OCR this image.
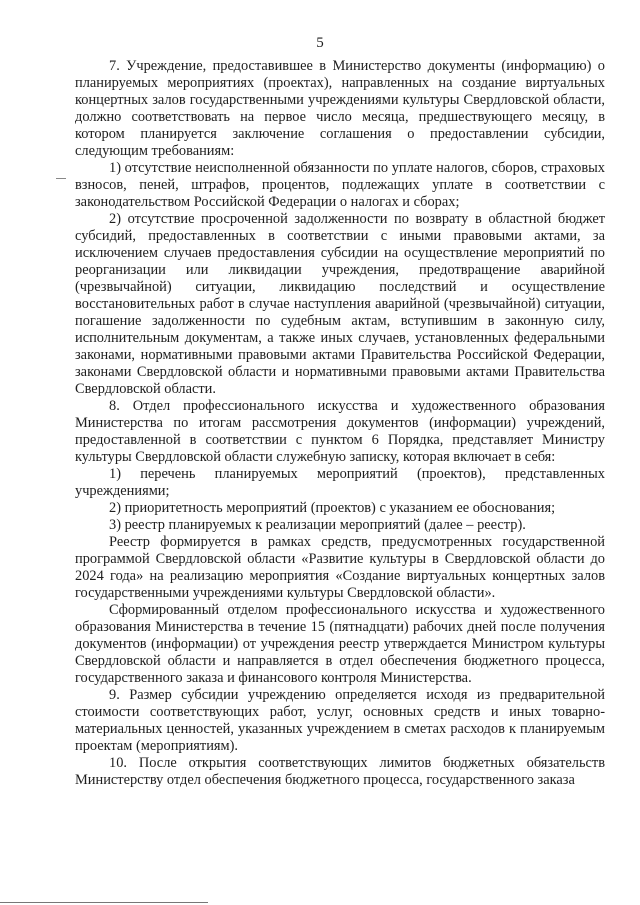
5

7. Учреждение, предоставившее в Министерство документы (информацию) о планируемых мероприятиях (проектах), направленных на создание виртуальных концертных залов государственными учреждениями культуры Свердловской области, должно соответствовать на первое число месяца, предшествующего месяцу, в котором планируется заключение соглашения о предоставлении субсидии, следующим требованиям:

1) отсутствие неисполненной обязанности по уплате налогов, сборов, страховых взносов, пеней, штрафов, процентов, подлежащих уплате в соответствии с законодательством Российской Федерации о налогах и сборах;

2) отсутствие просроченной задолженности по возврату в областной бюджет субсидий, предоставленных в соответствии с иными правовыми актами, за исключением случаев предоставления субсидии на осуществление мероприятий по реорганизации или ликвидации учреждения, предотвращение аварийной (чрезвычайной) ситуации, ликвидацию последствий и осуществление восстановительных работ в случае наступления аварийной (чрезвычайной) ситуации, погашение задолженности по судебным актам, вступившим в законную силу, исполнительным документам, а также иных случаев, установленных федеральными законами, нормативными правовыми актами Правительства Российской Федерации, законами Свердловской области и нормативными правовыми актами Правительства Свердловской области.

8. Отдел профессионального искусства и художественного образования Министерства по итогам рассмотрения документов (информации) учреждений, предоставленной в соответствии с пунктом 6 Порядка, представляет Министру культуры Свердловской области служебную записку, которая включает в себя:

1) перечень планируемых мероприятий (проектов), представленных учреждениями;

2) приоритетность мероприятий (проектов) с указанием ее обоснования;

3) реестр планируемых к реализации мероприятий (далее – реестр).

Реестр формируется в рамках средств, предусмотренных государственной программой Свердловской области «Развитие культуры в Свердловской области до 2024 года» на реализацию мероприятия «Создание виртуальных концертных залов государственными учреждениями культуры Свердловской области».

Сформированный отделом профессионального искусства и художественного образования Министерства в течение 15 (пятнадцати) рабочих дней после получения документов (информации) от учреждения реестр утверждается Министром культуры Свердловской области и направляется в отдел обеспечения бюджетного процесса, государственного заказа и финансового контроля Министерства.

9. Размер субсидии учреждению определяется исходя из предварительной стоимости соответствующих работ, услуг, основных средств и иных товарно-материальных ценностей, указанных учреждением в сметах расходов к планируемым проектам (мероприятиям).

10. После открытия соответствующих лимитов бюджетных обязательств Министерству отдел обеспечения бюджетного процесса, государственного заказа
